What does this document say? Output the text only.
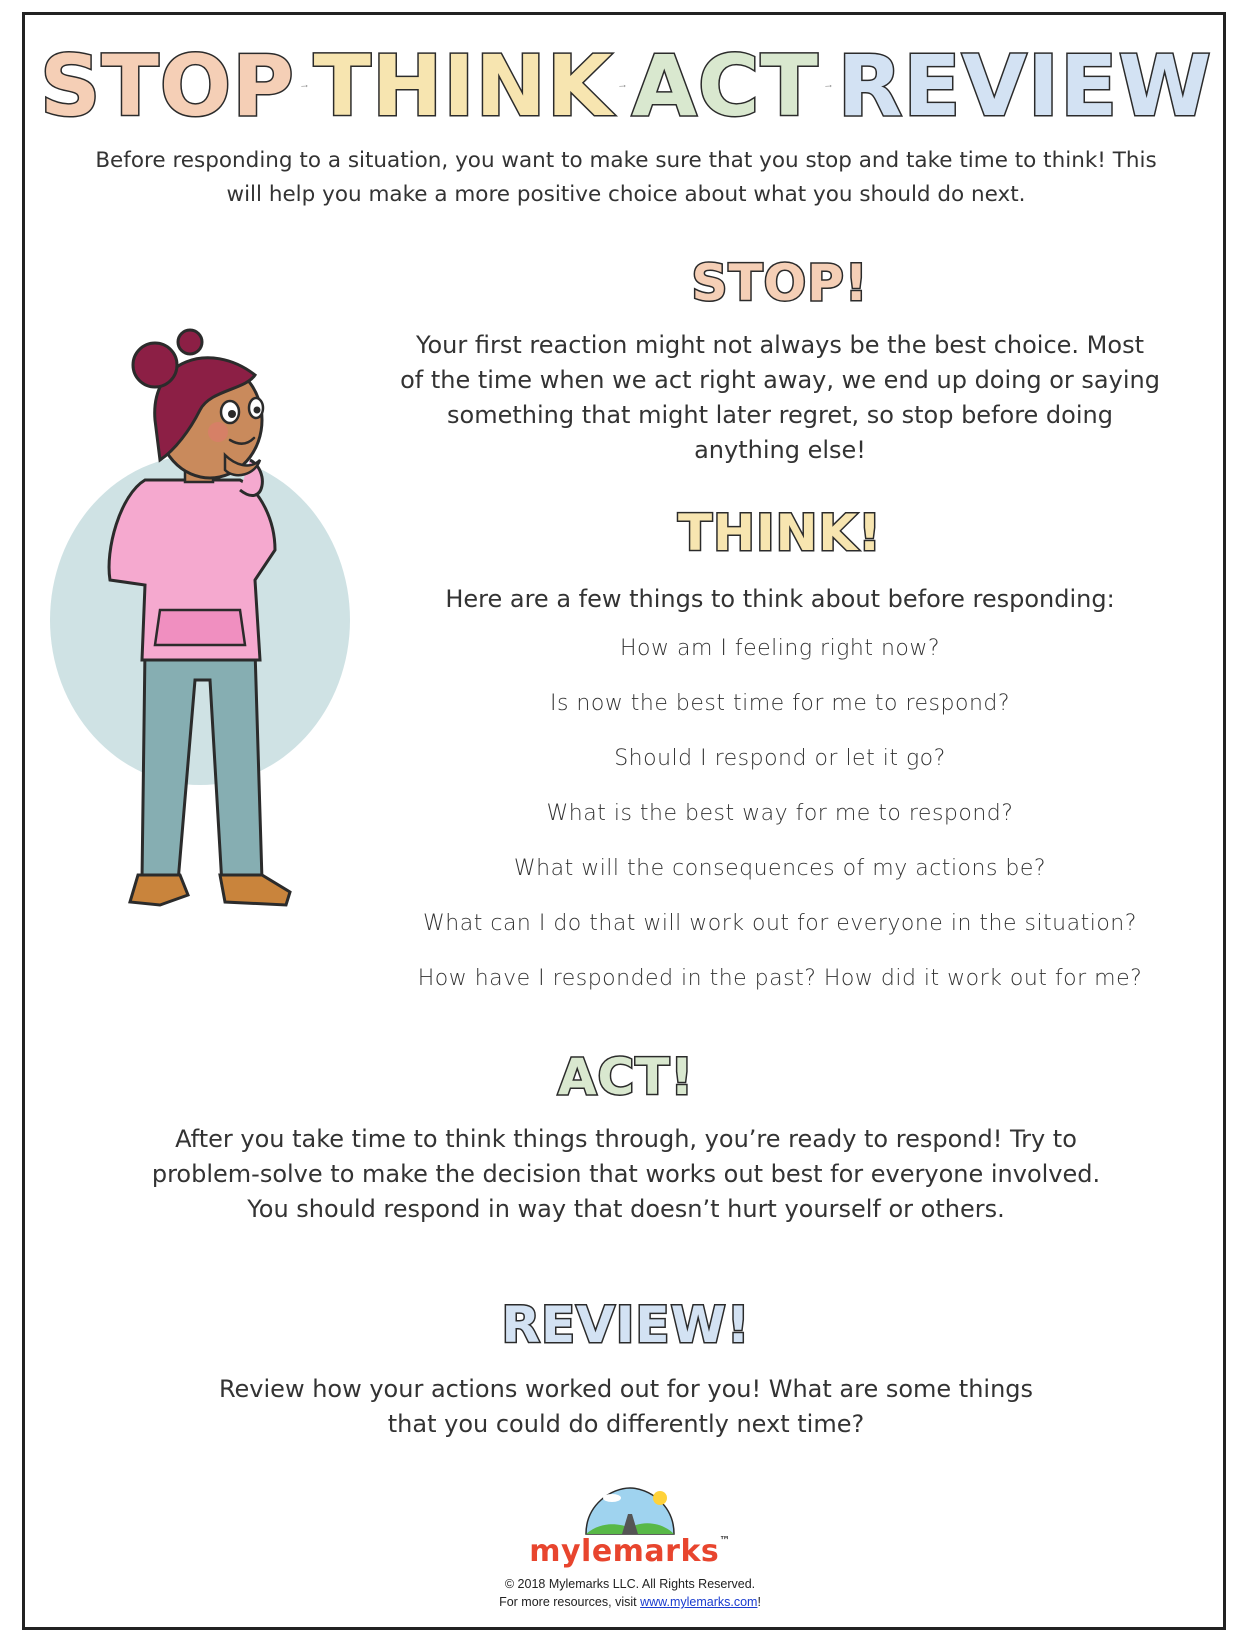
STOP THINK ACT REVIEW
Before responding to a situation, you want to make sure that you stop and take time to think! This
will help you make a more positive choice about what you should do next.
STOP!
Your first reaction might not always be the best choice. Most
of the time when we act right away, we end up doing or saying
something that might later regret, so stop before doing
anything else!
THINK!
Here are a few things to think about before responding:
How am I feeling right now?
Is now the best time for me to respond?
Should I respond or let it go?
What is the best way for me to respond?
What will the consequences of my actions be?
What can I do that will work out for everyone in the situation?
How have I responded in the past? How did it work out for me?
ACT!
After you take time to think things through, you’re ready to respond! Try to
problem-solve to make the decision that works out best for everyone involved.
You should respond in way that doesn’t hurt yourself or others.
REVIEW!
Review how your actions worked out for you! What are some things
that you could do differently next time?
mylemarks™
© 2018 Mylemarks LLC. All Rights Reserved.
For more resources, visit www.mylemarks.com!
